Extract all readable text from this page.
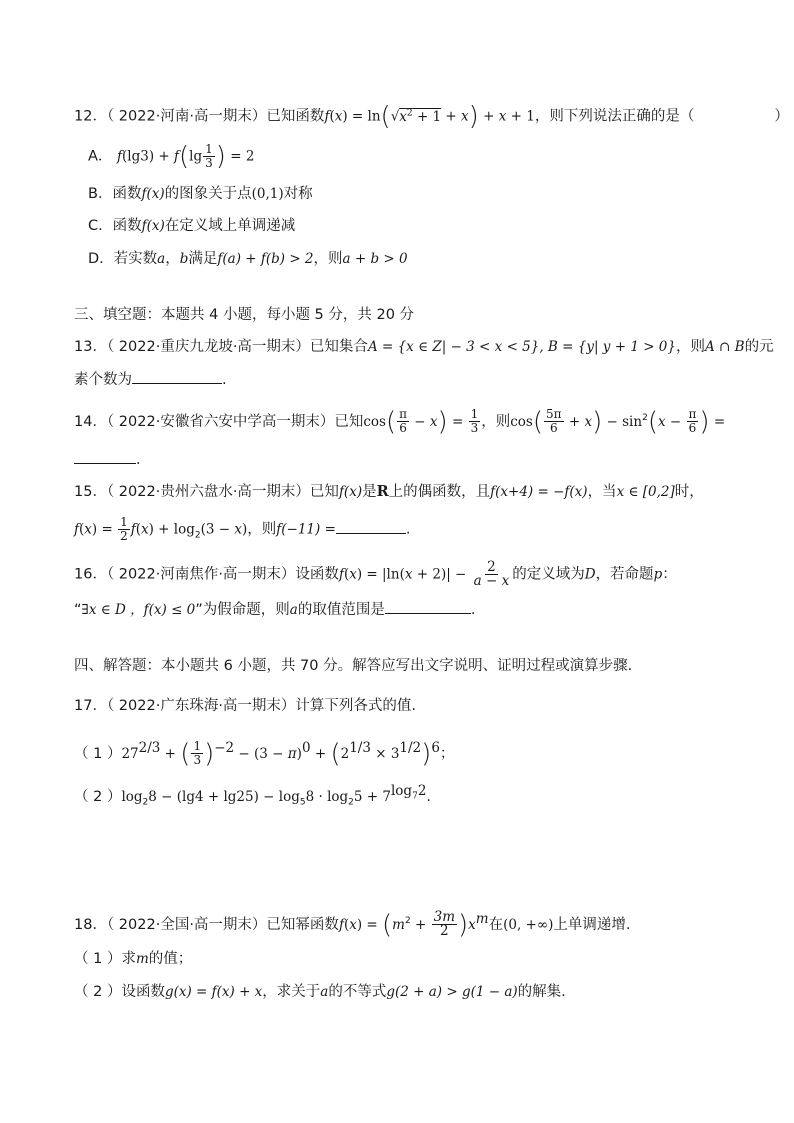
12．（ 2022·河南·高一期末）已知函数$f(x) = \ln(√x^2 + 1 + x) + x + 1$，则下列说法正确的是（	）
A． $f(\lg 3) + f(\lg \frac{1}{3}$ ) = 2
B．函数f(x)的图象关于点(0,1)对称
C．函数f(x)在定义域上单调递减
D．若实数a，b满足f(a) + f(b) > 2，则a + b > 0
三、填空题：本题共 4 小题，每小题 5 分，共 20 分
13．（ 2022·重庆九龙坡·高一期末）已知集合A = {x ∈ Z| − 3 < x < 5}, B = {y| y + 1 > 0}，则A ∩ B的元
素个数为	.
14．（ 2022·安徽省六安中学高一期末）已知$\cos( \frac{\pi}{6} - x) = \frac{1}{3}$ ，则$\cos( \frac{5\pi}{6} + x) - \sin^2(x - \frac{\pi}{6}$ ) =
．
15．（ 2022·贵州六盘水·高一期末）已知f(x)是R上的偶函数，且f(x+4) = −f(x)，当x ∈ [0,2]时，
$f(x) = \frac{1}{2} f(x) + \log_2(3 - x)$，则f(−11) =	.
16．（ 2022·河南焦作·高一期末）设函数$f(x) = |\ln(x + 2)| - \frac{2}{a - x}$ 的定义域为D，若命题p：
“∃x ∈ D ，f(x) ≤ 0”为假命题，则a的取值范围是	.
四、解答题：本小题共 6 小题，共 70 分。解答应写出文字说明、证明过程或演算步骤.
17．（ 2022·广东珠海·高一期末）计算下列各式的值.
（ 1 ）$27^{2/3}$ + ( $\frac{1}{3} )^{-2} - (3 - \pi)^0 + (2^{1/3} \times 3^{1/2})^6$；
（ 2 ）$\log_28 - (\lg 4 + \lg 25) - \log_58 \cdot \log_25 + 7^{log_72}$.
18．（ 2022·全国·高一期末）已知幂函数$f(x) = (m^2 + \frac{3m}{2} )x^m$在(0, +∞)上单调递增.
（ 1 ）求m的值；
（ 2 ）设函数g(x) = f(x) + x，求关于a的不等式g(2 + a) > g(1 − a)的解集.
